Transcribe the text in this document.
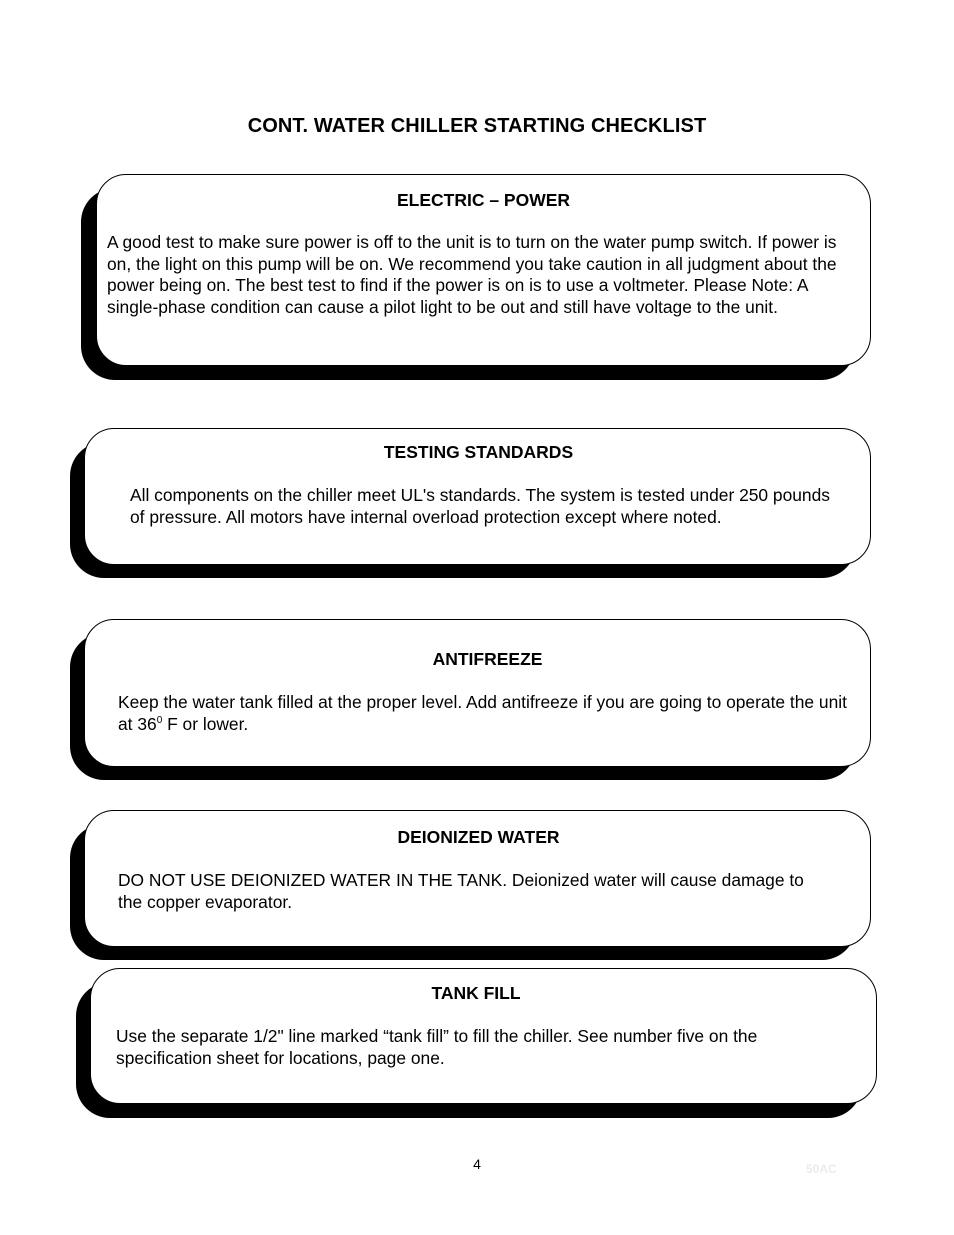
CONT. WATER CHILLER STARTING CHECKLIST
ELECTRIC – POWER
A good test to make sure power is off to the unit is to turn on the water pump switch. If power is on, the light on this pump will be on. We recommend you take caution in all judgment about the power being on. The best test to find if the power is on is to use a voltmeter. Please Note: A single-phase condition can cause a pilot light to be out and still have voltage to the unit.
TESTING STANDARDS
All components on the chiller meet UL's standards. The system is tested under 250 pounds of pressure. All motors have internal overload protection except where noted.
ANTIFREEZE
Keep the water tank filled at the proper level. Add antifreeze if you are going to operate the unit at $36^0$ F or lower.
DEIONIZED WATER
DO NOT USE DEIONIZED WATER IN THE TANK. Deionized water will cause damage to the copper evaporator.
TANK FILL
Use the separate 1/2" line marked “tank fill” to fill the chiller. See number five on the specification sheet for locations, page one.
4	50AC
